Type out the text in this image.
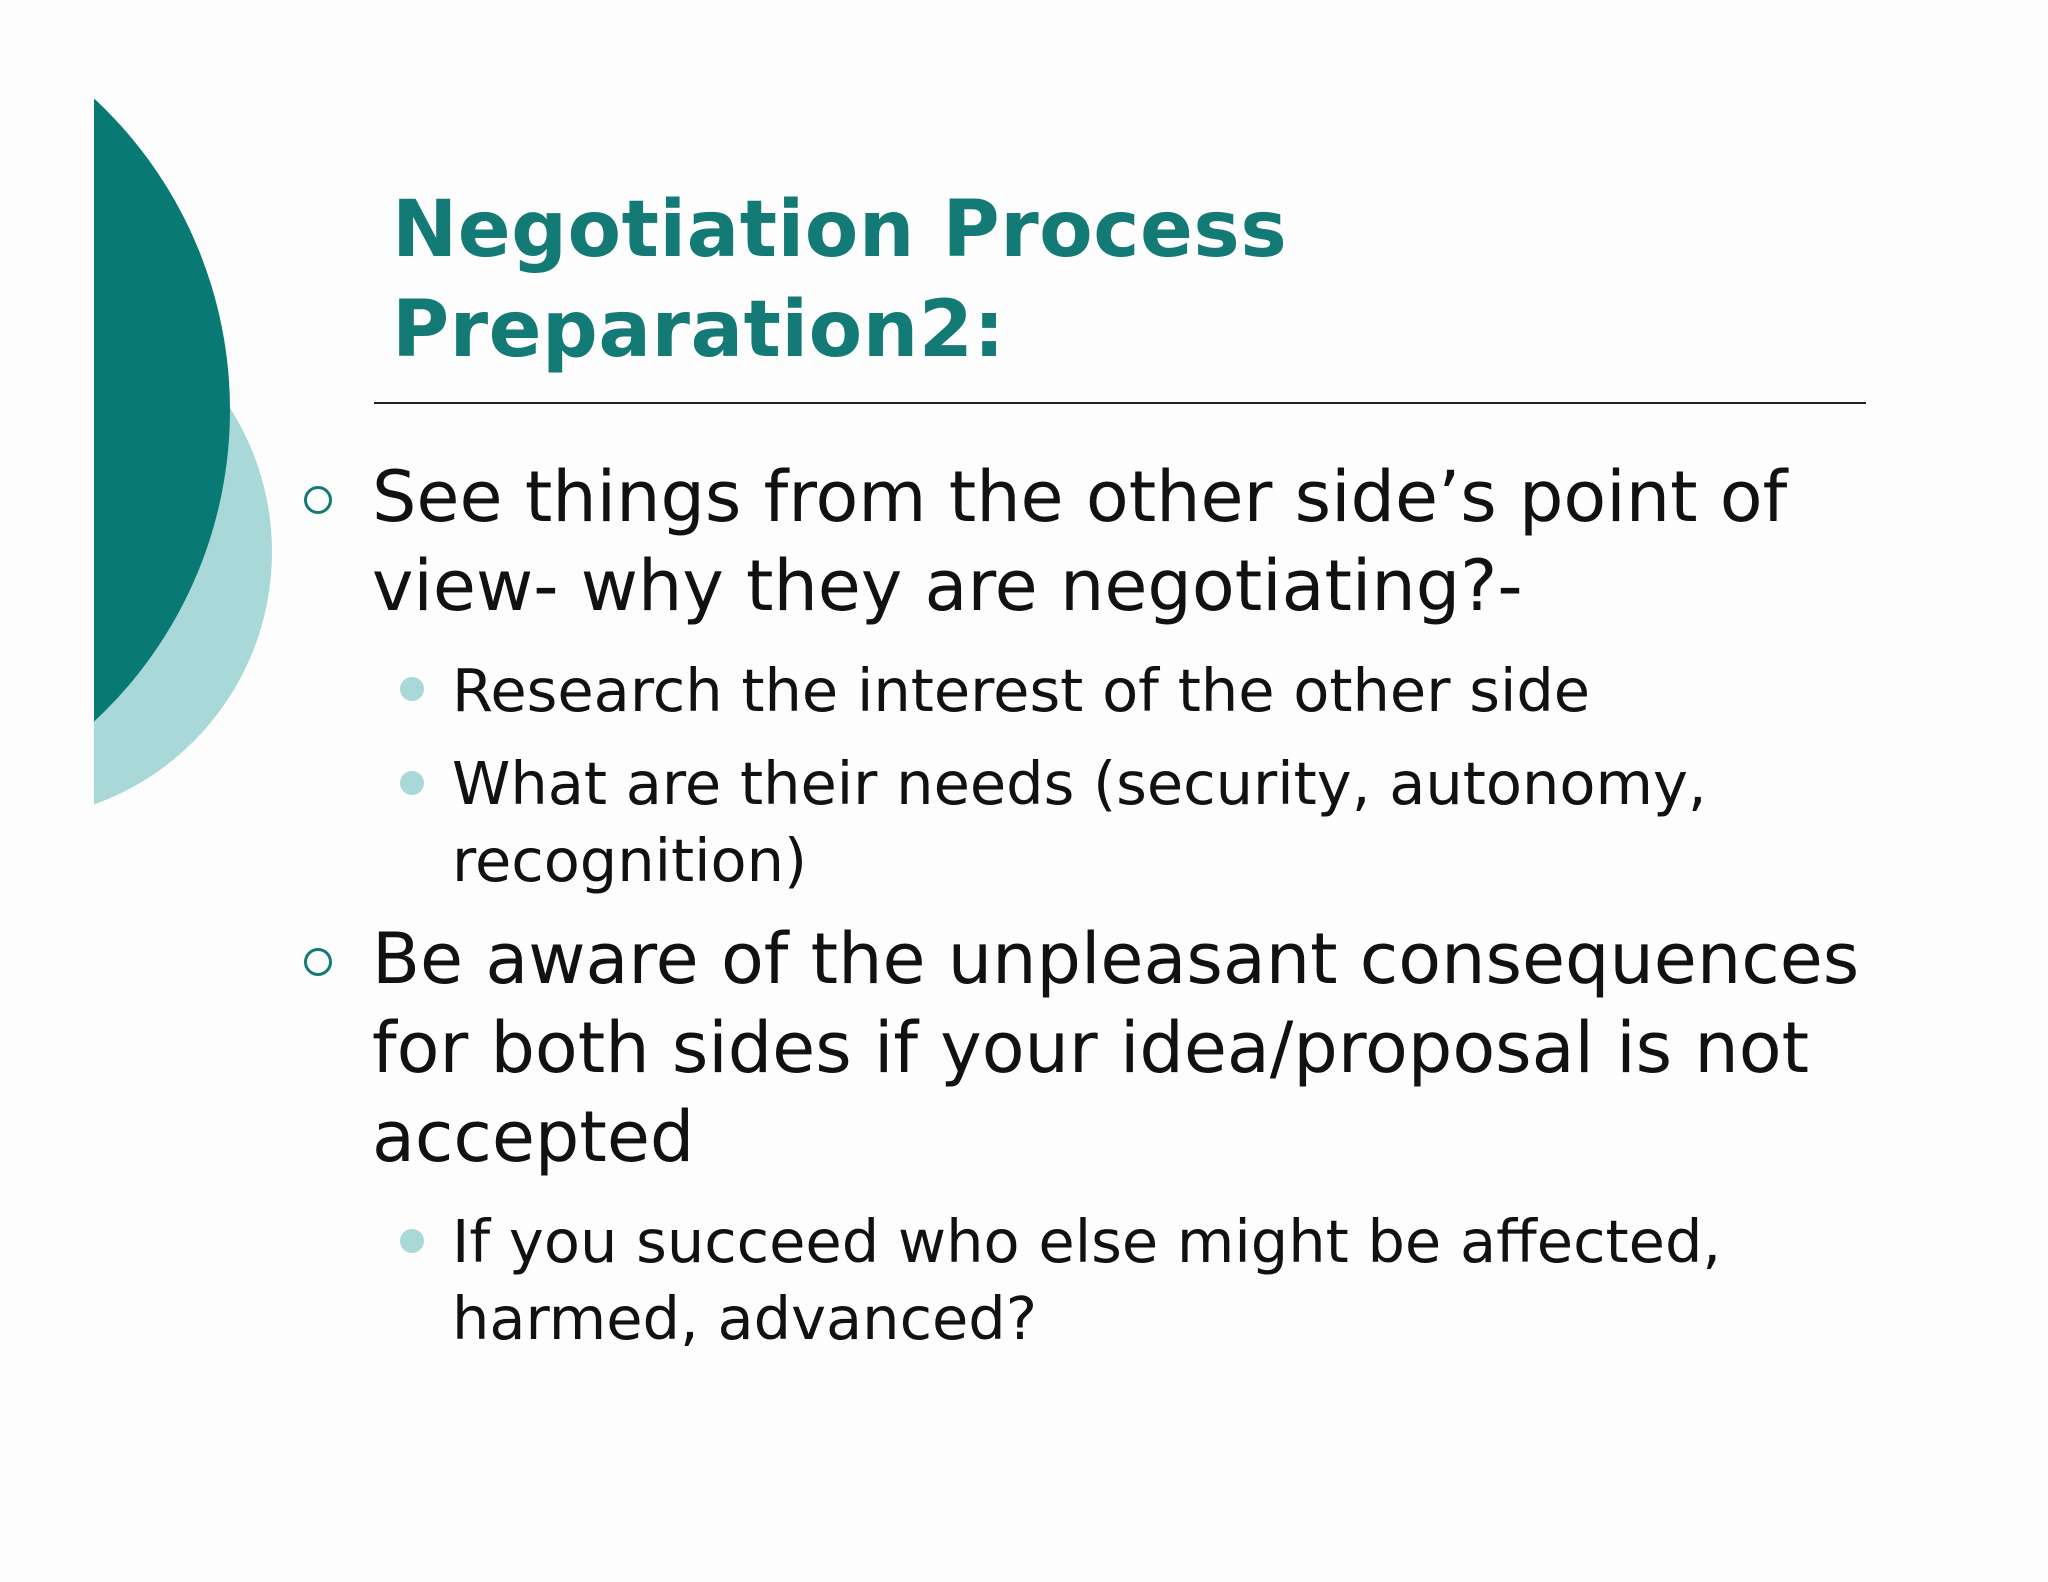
Negotiation Process
Preparation2:
See things from the other side’s point of
view- why they are negotiating?-
Research the interest of the other side
What are their needs (security, autonomy,
recognition)
Be aware of the unpleasant consequences
for both sides if your idea/proposal is not
accepted
If you succeed who else might be affected,
harmed, advanced?
